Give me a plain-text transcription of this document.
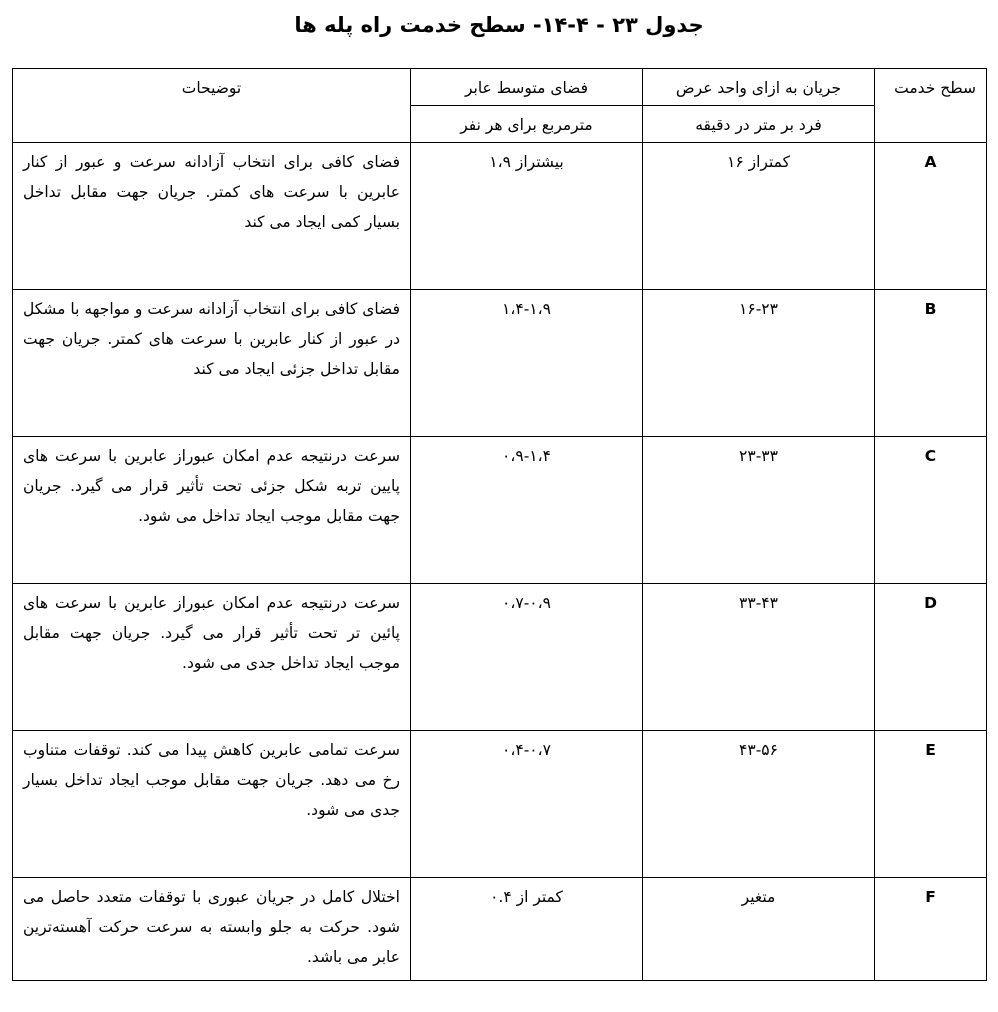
جدول ۲۳ - ۴-۱۴- سطح خدمت راه پله ها
سطح خدمت	جریان به ازای واحد عرض	فضای متوسط عابر	توضیحات
	فرد بر متر در دقیقه	مترمربع برای هر نفر	
A	کمتراز ۱۶	بیشتراز ۱،۹	فضای کافی برای انتخاب آزادانه سرعت و عبور از کنار عابرین با سرعت های کمتر. جریان جهت مقابل تداخل بسیار کمی ایجاد می کند
B	۱۶-۲۳	۱،۴-۱،۹	فضای کافی برای انتخاب آزادانه سرعت و مواجهه با مشکل در عبور از کنار عابرین با سرعت های کمتر. جریان جهت مقابل تداخل جزئی ایجاد می کند
C	۲۳-۳۳	۰،۹-۱،۴	سرعت درنتیجه عدم امکان عبوراز عابرین با سرعت های پایین تربه شکل جزئی تحت تأثیر قرار می گیرد. جریان جهت مقابل موجب ایجاد تداخل می شود.
D	۳۳-۴۳	۰،۷-۰،۹	سرعت درنتیجه عدم امکان عبوراز عابرین با سرعت های پائین تر تحت تأثیر قرار می گیرد. جریان جهت مقابل موجب ایجاد تداخل جدی می شود.
E	۴۳-۵۶	۰،۴-۰،۷	سرعت تمامی عابرین کاهش پیدا می کند. توقفات متناوب رخ می دهد. جریان جهت مقابل موجب ایجاد تداخل بسیار جدی می شود.
F	متغیر	کمتر از ۰.۴	اختلال کامل در جریان عبوری با توقفات متعدد حاصل می شود. حرکت به جلو وابسته به سرعت حرکت آهسته‌ترین عابر می باشد.
